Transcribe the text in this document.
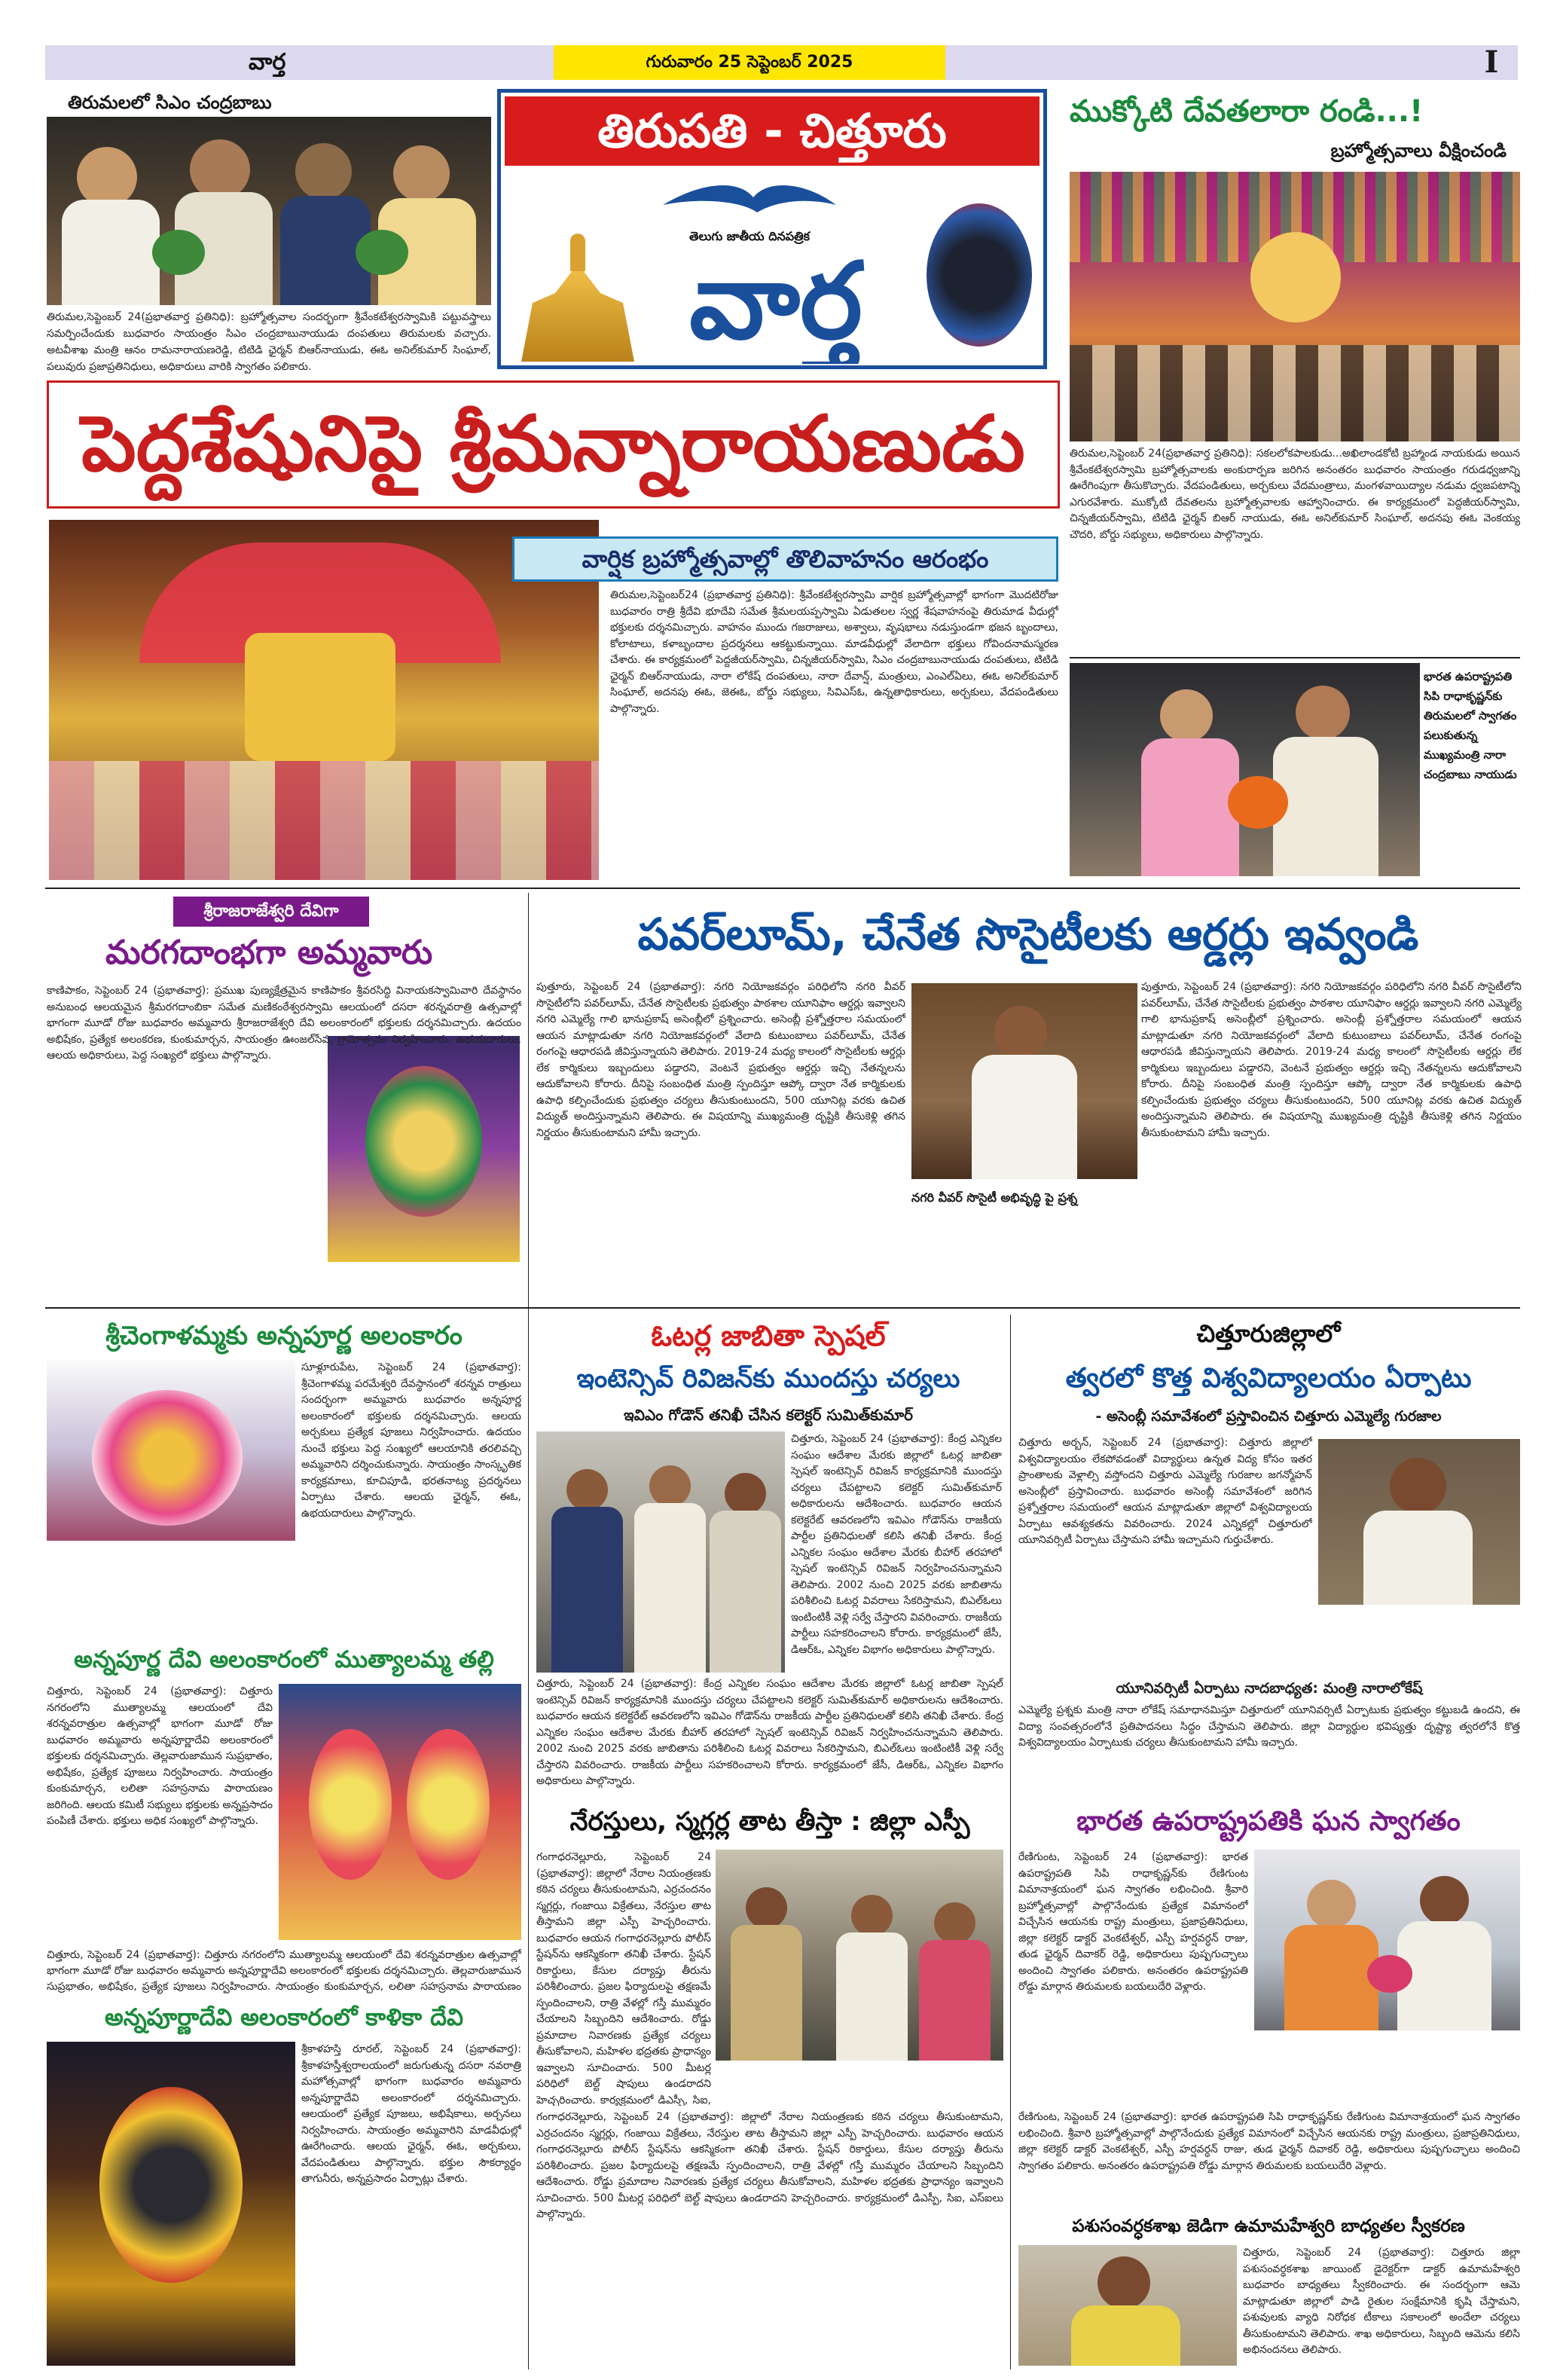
వార్త	గురువారం 25 సెప్టెంబర్ 2025	I
తిరుమలలో సిఎం చంద్రబాబు
తిరుమల,సెప్టెంబర్ 24(ప్రభాతవార్త ప్రతినిధి): బ్రహ్మోత్సవాల సందర్భంగా శ్రీవేంకటేశ్వరస్వామికి పట్టువస్త్రాలు సమర్పించేందుకు బుధవారం సాయంత్రం సిఎం చంద్రబాబునాయుడు దంపతులు తిరుమలకు వచ్చారు. అటవీశాఖ మంత్రి ఆనం రామనారాయణరెడ్డి, టిటిడి ఛైర్మన్ బిఆర్‌నాయుడు, ఈఓ అనిల్‌కుమార్ సింఘాల్, పలువురు ప్రజాప్రతినిధులు, అధికారులు వారికి స్వాగతం పలికారు.
తిరుపతి - చిత్తూరు
తెలుగు జాతీయ దినపత్రిక
వార్త
ముక్కోటి దేవతలారా రండి...!
బ్రహ్మోత్సవాలు వీక్షించండి
తిరుమల,సెప్టెంబర్ 24(ప్రభాతవార్త ప్రతినిధి): సకలలోకపాలకుడు...అఖిలాండకోటి బ్రహ్మాండ నాయకుడు అయిన శ్రీవేంకటేశ్వరస్వామి బ్రహ్మోత్సవాలకు అంకురార్పణ జరిగిన అనంతరం బుధవారం సాయంత్రం గరుడధ్వజాన్ని ఊరేగింపుగా తీసుకొచ్చారు. వేదపండితులు, అర్చకులు వేదమంత్రాలు, మంగళవాయిద్యాల నడుమ ధ్వజపటాన్ని ఎగురవేశారు. ముక్కోటి దేవతలను బ్రహ్మోత్సవాలకు ఆహ్వానించారు. ఈ కార్యక్రమంలో పెద్దజీయర్‌స్వామి, చిన్నజీయర్‌స్వామి, టిటిడి ఛైర్మన్ బిఆర్ నాయుడు, ఈఓ అనిల్‌కుమార్ సింఘాల్, అదనపు ఈఓ వెంకయ్య చౌదరి, బోర్డు సభ్యులు, అధికారులు పాల్గొన్నారు.
భారత ఉపరాష్ట్రపతి సిపి రాధాకృష్ణన్‌కు తిరుమలలో స్వాగతం పలుకుతున్న ముఖ్యమంత్రి నారా చంద్రబాబు నాయుడు
పెద్దశేషునిపై శ్రీమన్నారాయణుడు
వార్షిక బ్రహ్మోత్సవాల్లో తొలివాహనం ఆరంభం
తిరుమల,సెప్టెంబర్24 (ప్రభాతవార్త ప్రతినిధి): శ్రీవేంకటేశ్వరస్వామి వార్షిక బ్రహ్మోత్సవాల్లో భాగంగా మొదటిరోజు బుధవారం రాత్రి శ్రీదేవి భూదేవి సమేత శ్రీమలయప్పస్వామి ఏడుతలల స్వర్ణ శేషవాహనంపై తిరుమాడ వీధుల్లో భక్తులకు దర్శనమిచ్చారు. వాహనం ముందు గజరాజులు, అశ్వాలు, వృషభాలు నడుస్తుండగా భజన బృందాలు, కోలాటాలు, కళాబృందాల ప్రదర్శనలు ఆకట్టుకున్నాయి. మాడవీధుల్లో వేలాదిగా భక్తులు గోవిందనామస్మరణ చేశారు. ఈ కార్యక్రమంలో పెద్దజీయర్‌స్వామి, చిన్నజీయర్‌స్వామి, సిఎం చంద్రబాబునాయుడు దంపతులు, టిటిడి ఛైర్మన్ బిఆర్‌నాయుడు, నారా లోకేష్ దంపతులు, నారా దేవాన్ష్, మంత్రులు, ఎంఎల్‌ఏలు, ఈఓ అనిల్‌కుమార్ సింఘాల్, అదనపు ఈఓ, జెఈఓ, బోర్డు సభ్యులు, సివిఎస్‌ఓ, ఉన్నతాధికారులు, అర్చకులు, వేదపండితులు పాల్గొన్నారు.
శ్రీరాజరాజేశ్వరి దేవిగా
మరగదాంభగా అమ్మవారు
కాణిపాకం, సెప్టెంబర్ 24 (ప్రభాతవార్త): ప్రముఖ పుణ్యక్షేత్రమైన కాణిపాకం శ్రీవరసిద్ధి వినాయకస్వామివారి దేవస్థానం అనుబంధ ఆలయమైన శ్రీమరగదాంబికా సమేత మణికంఠేశ్వరస్వామి ఆలయంలో దసరా శరన్నవరాత్రి ఉత్సవాల్లో భాగంగా మూడో రోజు బుధవారం అమ్మవారు శ్రీరాజరాజేశ్వరి దేవి అలంకారంలో భక్తులకు దర్శనమిచ్చారు. ఉదయం అభిషేకం, ప్రత్యేక అలంకరణ, కుంకుమార్చన, సాయంత్రం ఊంజల్‌సేవ, గ్రామోత్సవం నిర్వహించారు. ఉభయదారులు, ఆలయ అధికారులు, పెద్ద సంఖ్యలో భక్తులు పాల్గొన్నారు.
పవర్‌లూమ్, చేనేత సొసైటీలకు ఆర్డర్లు ఇవ్వండి
పుత్తూరు, సెప్టెంబర్ 24 (ప్రభాతవార్త): నగరి నియోజకవర్గం పరిధిలోని నగరి వీవర్ సొసైటీలోని పవర్‌లూమ్, చేనేత సొసైటీలకు ప్రభుత్వం పాఠశాల యూనిఫాం ఆర్డర్లు ఇవ్వాలని నగరి ఎమ్మెల్యే గాలి భానుప్రకాష్ అసెంబ్లీలో ప్రశ్నించారు. అసెంబ్లీ ప్రశ్నోత్తరాల సమయంలో ఆయన మాట్లాడుతూ నగరి నియోజకవర్గంలో వేలాది కుటుంబాలు పవర్‌లూమ్, చేనేత రంగంపై ఆధారపడి జీవిస్తున్నాయని తెలిపారు. 2019-24 మధ్య కాలంలో సొసైటీలకు ఆర్డర్లు లేక కార్మికులు ఇబ్బందులు పడ్డారని, వెంటనే ప్రభుత్వం ఆర్డర్లు ఇచ్చి నేతన్నలను ఆదుకోవాలని కోరారు. దీనిపై సంబంధిత మంత్రి స్పందిస్తూ ఆప్కో ద్వారా నేత కార్మికులకు ఉపాధి కల్పించేందుకు ప్రభుత్వం చర్యలు తీసుకుంటుందని, 500 యూనిట్ల వరకు ఉచిత విద్యుత్ అందిస్తున్నామని తెలిపారు. ఈ విషయాన్ని ముఖ్యమంత్రి దృష్టికి తీసుకెళ్లి తగిన నిర్ణయం తీసుకుంటామని హామీ ఇచ్చారు.
నగరి వీవర్ సొసైటీ అభివృద్ధి పై ప్రశ్న
పుత్తూరు, సెప్టెంబర్ 24 (ప్రభాతవార్త): నగరి నియోజకవర్గం పరిధిలోని నగరి వీవర్ సొసైటీలోని పవర్‌లూమ్, చేనేత సొసైటీలకు ప్రభుత్వం పాఠశాల యూనిఫాం ఆర్డర్లు ఇవ్వాలని నగరి ఎమ్మెల్యే గాలి భానుప్రకాష్ అసెంబ్లీలో ప్రశ్నించారు. అసెంబ్లీ ప్రశ్నోత్తరాల సమయంలో ఆయన మాట్లాడుతూ నగరి నియోజకవర్గంలో వేలాది కుటుంబాలు పవర్‌లూమ్, చేనేత రంగంపై ఆధారపడి జీవిస్తున్నాయని తెలిపారు. 2019-24 మధ్య కాలంలో సొసైటీలకు ఆర్డర్లు లేక కార్మికులు ఇబ్బందులు పడ్డారని, వెంటనే ప్రభుత్వం ఆర్డర్లు ఇచ్చి నేతన్నలను ఆదుకోవాలని కోరారు. దీనిపై సంబంధిత మంత్రి స్పందిస్తూ ఆప్కో ద్వారా నేత కార్మికులకు ఉపాధి కల్పించేందుకు ప్రభుత్వం చర్యలు తీసుకుంటుందని, 500 యూనిట్ల వరకు ఉచిత విద్యుత్ అందిస్తున్నామని తెలిపారు. ఈ విషయాన్ని ముఖ్యమంత్రి దృష్టికి తీసుకెళ్లి తగిన నిర్ణయం తీసుకుంటామని హామీ ఇచ్చారు.
శ్రీచెంగాళమ్మకు అన్నపూర్ణ అలంకారం
సూళ్లూరుపేట, సెప్టెంబర్ 24 (ప్రభాతవార్త): శ్రీచెంగాళమ్మ పరమేశ్వరి దేవస్థానంలో శరన్నవ రాత్రులు సందర్భంగా అమ్మవారు బుధవారం అన్నపూర్ణ అలంకారంలో భక్తులకు దర్శనమిచ్చారు. ఆలయ అర్చకులు ప్రత్యేక పూజలు నిర్వహించారు. ఉదయం నుంచే భక్తులు పెద్ద సంఖ్యలో ఆలయానికి తరలివచ్చి అమ్మవారిని దర్శించుకున్నారు. సాయంత్రం సాంస్కృతిక కార్యక్రమాలు, కూచిపూడి, భరతనాట్య ప్రదర్శనలు ఏర్పాటు చేశారు. ఆలయ ఛైర్మన్, ఈఓ, ఉభయదారులు పాల్గొన్నారు.
అన్నపూర్ణ దేవి అలంకారంలో ముత్యాలమ్మ తల్లి
చిత్తూరు, సెప్టెంబర్ 24 (ప్రభాతవార్త): చిత్తూరు నగరంలోని ముత్యాలమ్మ ఆలయంలో దేవి శరన్నవరాత్రుల ఉత్సవాల్లో భాగంగా మూడో రోజు బుధవారం అమ్మవారు అన్నపూర్ణాదేవి అలంకారంలో భక్తులకు దర్శనమిచ్చారు. తెల్లవారుజామున సుప్రభాతం, అభిషేకం, ప్రత్యేక పూజలు నిర్వహించారు. సాయంత్రం కుంకుమార్చన, లలితా సహస్రనామ పారాయణం జరిగింది. ఆలయ కమిటీ సభ్యులు భక్తులకు అన్నప్రసాదం పంపిణీ చేశారు. భక్తులు అధిక సంఖ్యలో పాల్గొన్నారు.
చిత్తూరు, సెప్టెంబర్ 24 (ప్రభాతవార్త): చిత్తూరు నగరంలోని ముత్యాలమ్మ ఆలయంలో దేవి శరన్నవరాత్రుల ఉత్సవాల్లో భాగంగా మూడో రోజు బుధవారం అమ్మవారు అన్నపూర్ణాదేవి అలంకారంలో భక్తులకు దర్శనమిచ్చారు. తెల్లవారుజామున సుప్రభాతం, అభిషేకం, ప్రత్యేక పూజలు నిర్వహించారు. సాయంత్రం కుంకుమార్చన, లలితా సహస్రనామ పారాయణం
అన్నపూర్ణాదేవి అలంకారంలో కాళికా దేవి
శ్రీకాళహస్తి రూరల్, సెప్టెంబర్ 24 (ప్రభాతవార్త): శ్రీకాళహస్తీశ్వరాలయంలో జరుగుతున్న దసరా నవరాత్రి మహోత్సవాల్లో భాగంగా బుధవారం అమ్మవారు అన్నపూర్ణాదేవి అలంకారంలో దర్శనమిచ్చారు. ఆలయంలో ప్రత్యేక పూజలు, అభిషేకాలు, అర్చనలు నిర్వహించారు. సాయంత్రం అమ్మవారిని మాడవీధుల్లో ఊరేగించారు. ఆలయ ఛైర్మన్, ఈఓ, అర్చకులు, వేదపండితులు పాల్గొన్నారు. భక్తుల సౌకర్యార్థం తాగునీరు, అన్నప్రసాదం ఏర్పాట్లు చేశారు.
ఓటర్ల జాబితా స్పెషల్
ఇంటెన్సివ్ రివిజన్‌కు ముందస్తు చర్యలు
ఇవిఎం గోడౌన్ తనిఖీ చేసిన కలెక్టర్ సుమిత్‌కుమార్
చిత్తూరు, సెప్టెంబర్ 24 (ప్రభాతవార్త): కేంద్ర ఎన్నికల సంఘం ఆదేశాల మేరకు జిల్లాలో ఓటర్ల జాబితా స్పెషల్ ఇంటెన్సివ్ రివిజన్ కార్యక్రమానికి ముందస్తు చర్యలు చేపట్టాలని కలెక్టర్ సుమిత్‌కుమార్ అధికారులను ఆదేశించారు. బుధవారం ఆయన కలెక్టరేట్ ఆవరణలోని ఇవిఎం గోడౌన్‌ను రాజకీయ పార్టీల ప్రతినిధులతో కలిసి తనిఖీ చేశారు. కేంద్ర ఎన్నికల సంఘం ఆదేశాల మేరకు బీహార్ తరహాలో స్పెషల్ ఇంటెన్సివ్ రివిజన్ నిర్వహించనున్నామని తెలిపారు. 2002 నుంచి 2025 వరకు జాబితాను పరిశీలించి ఓటర్ల వివరాలు సేకరిస్తామని, బిఎల్‌ఓలు ఇంటింటికీ వెళ్లి సర్వే చేస్తారని వివరించారు. రాజకీయ పార్టీలు సహకరించాలని కోరారు. కార్యక్రమంలో జేసీ, డిఆర్‌ఓ, ఎన్నికల విభాగం అధికారులు పాల్గొన్నారు.
చిత్తూరు, సెప్టెంబర్ 24 (ప్రభాతవార్త): కేంద్ర ఎన్నికల సంఘం ఆదేశాల మేరకు జిల్లాలో ఓటర్ల జాబితా స్పెషల్ ఇంటెన్సివ్ రివిజన్ కార్యక్రమానికి ముందస్తు చర్యలు చేపట్టాలని కలెక్టర్ సుమిత్‌కుమార్ అధికారులను ఆదేశించారు. బుధవారం ఆయన కలెక్టరేట్ ఆవరణలోని ఇవిఎం గోడౌన్‌ను రాజకీయ పార్టీల ప్రతినిధులతో కలిసి తనిఖీ చేశారు. కేంద్ర ఎన్నికల సంఘం ఆదేశాల మేరకు బీహార్ తరహాలో స్పెషల్ ఇంటెన్సివ్ రివిజన్ నిర్వహించనున్నామని తెలిపారు. 2002 నుంచి 2025 వరకు జాబితాను పరిశీలించి ఓటర్ల వివరాలు సేకరిస్తామని, బిఎల్‌ఓలు ఇంటింటికీ వెళ్లి సర్వే చేస్తారని వివరించారు. రాజకీయ పార్టీలు సహకరించాలని కోరారు. కార్యక్రమంలో జేసీ, డిఆర్‌ఓ, ఎన్నికల విభాగం అధికారులు పాల్గొన్నారు.
నేరస్తులు, స్మగ్లర్ల తాట తీస్తా : జిల్లా ఎస్పీ
గంగాధరనెల్లూరు, సెప్టెంబర్ 24 (ప్రభాతవార్త): జిల్లాలో నేరాల నియంత్రణకు కఠిన చర్యలు తీసుకుంటామని, ఎర్రచందనం స్మగ్లర్లు, గంజాయి విక్రేతలు, నేరస్తుల తాట తీస్తామని జిల్లా ఎస్పీ హెచ్చరించారు. బుధవారం ఆయన గంగాధరనెల్లూరు పోలీస్ స్టేషన్‌ను ఆకస్మికంగా తనిఖీ చేశారు. స్టేషన్ రికార్డులు, కేసుల దర్యాప్తు తీరును పరిశీలించారు. ప్రజల ఫిర్యాదులపై తక్షణమే స్పందించాలని, రాత్రి వేళల్లో గస్తీ ముమ్మరం చేయాలని సిబ్బందిని ఆదేశించారు. రోడ్డు ప్రమాదాల నివారణకు ప్రత్యేక చర్యలు తీసుకోవాలని, మహిళల భద్రతకు ప్రాధాన్యం ఇవ్వాలని సూచించారు. 500 మీటర్ల పరిధిలో బెల్ట్ షాపులు ఉండరాదని హెచ్చరించారు. కార్యక్రమంలో డిఎస్పీ, సిఐ,
గంగాధరనెల్లూరు, సెప్టెంబర్ 24 (ప్రభాతవార్త): జిల్లాలో నేరాల నియంత్రణకు కఠిన చర్యలు తీసుకుంటామని, ఎర్రచందనం స్మగ్లర్లు, గంజాయి విక్రేతలు, నేరస్తుల తాట తీస్తామని జిల్లా ఎస్పీ హెచ్చరించారు. బుధవారం ఆయన గంగాధరనెల్లూరు పోలీస్ స్టేషన్‌ను ఆకస్మికంగా తనిఖీ చేశారు. స్టేషన్ రికార్డులు, కేసుల దర్యాప్తు తీరును పరిశీలించారు. ప్రజల ఫిర్యాదులపై తక్షణమే స్పందించాలని, రాత్రి వేళల్లో గస్తీ ముమ్మరం చేయాలని సిబ్బందిని ఆదేశించారు. రోడ్డు ప్రమాదాల నివారణకు ప్రత్యేక చర్యలు తీసుకోవాలని, మహిళల భద్రతకు ప్రాధాన్యం ఇవ్వాలని సూచించారు. 500 మీటర్ల పరిధిలో బెల్ట్ షాపులు ఉండరాదని హెచ్చరించారు. కార్యక్రమంలో డిఎస్పీ, సిఐ, ఎస్‌ఐలు పాల్గొన్నారు.
చిత్తూరుజిల్లాలో
త్వరలో కొత్త విశ్వవిద్యాలయం ఏర్పాటు
- అసెంబ్లీ సమావేశంలో ప్రస్తావించిన చిత్తూరు ఎమ్మెల్యే గురజాల
చిత్తూరు అర్బన్, సెప్టెంబర్ 24 (ప్రభాతవార్త): చిత్తూరు జిల్లాలో విశ్వవిద్యాలయం లేకపోవడంతో విద్యార్థులు ఉన్నత విద్య కోసం ఇతర ప్రాంతాలకు వెళ్లాల్సి వస్తోందని చిత్తూరు ఎమ్మెల్యే గురజాల జగన్మోహన్ అసెంబ్లీలో ప్రస్తావించారు. బుధవారం అసెంబ్లీ సమావేశంలో జరిగిన ప్రశ్నోత్తరాల సమయంలో ఆయన మాట్లాడుతూ జిల్లాలో విశ్వవిద్యాలయ ఏర్పాటు ఆవశ్యకతను వివరించారు. 2024 ఎన్నికల్లో చిత్తూరులో యూనివర్సిటీ ఏర్పాటు చేస్తామని హామీ ఇచ్చామని గుర్తుచేశారు.
యూనివర్సిటీ ఏర్పాటు నాదబాధ్యత: మంత్రి నారాలోకేష్
ఎమ్మెల్యే ప్రశ్నకు మంత్రి నారా లోకేష్ సమాధానమిస్తూ చిత్తూరులో యూనివర్సిటీ ఏర్పాటుకు ప్రభుత్వం కట్టుబడి ఉందని, ఈ విద్యా సంవత్సరంలోనే ప్రతిపాదనలు సిద్ధం చేస్తామని తెలిపారు. జిల్లా విద్యార్థుల భవిష్యత్తు దృష్ట్యా త్వరలోనే కొత్త విశ్వవిద్యాలయం ఏర్పాటుకు చర్యలు తీసుకుంటామని హామీ ఇచ్చారు.
భారత ఉపరాష్ట్రపతికి ఘన స్వాగతం
రేణిగుంట, సెప్టెంబర్ 24 (ప్రభాతవార్త): భారత ఉపరాష్ట్రపతి సిపి రాధాకృష్ణన్‌కు రేణిగుంట విమానాశ్రయంలో ఘన స్వాగతం లభించింది. శ్రీవారి బ్రహ్మోత్సవాల్లో పాల్గొనేందుకు ప్రత్యేక విమానంలో విచ్చేసిన ఆయనకు రాష్ట్ర మంత్రులు, ప్రజాప్రతినిధులు, జిల్లా కలెక్టర్ డాక్టర్ వెంకటేశ్వర్, ఎస్పీ హర్షవర్ధన్ రాజు, తుడ ఛైర్మన్ దివాకర్ రెడ్డి, అధికారులు పుష్పగుచ్ఛాలు అందించి స్వాగతం పలికారు. అనంతరం ఉపరాష్ట్రపతి రోడ్డు మార్గాన తిరుమలకు బయలుదేరి వెళ్లారు.
రేణిగుంట, సెప్టెంబర్ 24 (ప్రభాతవార్త): భారత ఉపరాష్ట్రపతి సిపి రాధాకృష్ణన్‌కు రేణిగుంట విమానాశ్రయంలో ఘన స్వాగతం లభించింది. శ్రీవారి బ్రహ్మోత్సవాల్లో పాల్గొనేందుకు ప్రత్యేక విమానంలో విచ్చేసిన ఆయనకు రాష్ట్ర మంత్రులు, ప్రజాప్రతినిధులు, జిల్లా కలెక్టర్ డాక్టర్ వెంకటేశ్వర్, ఎస్పీ హర్షవర్ధన్ రాజు, తుడ ఛైర్మన్ దివాకర్ రెడ్డి, అధికారులు పుష్పగుచ్ఛాలు అందించి స్వాగతం పలికారు. అనంతరం ఉపరాష్ట్రపతి రోడ్డు మార్గాన తిరుమలకు బయలుదేరి వెళ్లారు.
పశుసంవర్ధకశాఖ జెడిగా ఉమామహేశ్వరి బాధ్యతల స్వీకరణ
చిత్తూరు, సెప్టెంబర్ 24 (ప్రభాతవార్త): చిత్తూరు జిల్లా పశుసంవర్ధకశాఖ జాయింట్ డైరెక్టర్‌గా డాక్టర్ ఉమామహేశ్వరి బుధవారం బాధ్యతలు స్వీకరించారు. ఈ సందర్భంగా ఆమె మాట్లాడుతూ జిల్లాలో పాడి రైతుల సంక్షేమానికి కృషి చేస్తామని, పశువులకు వ్యాధి నిరోధక టీకాలు సకాలంలో అందేలా చర్యలు తీసుకుంటామని తెలిపారు. శాఖ అధికారులు, సిబ్బంది ఆమెను కలిసి అభినందనలు తెలిపారు.
